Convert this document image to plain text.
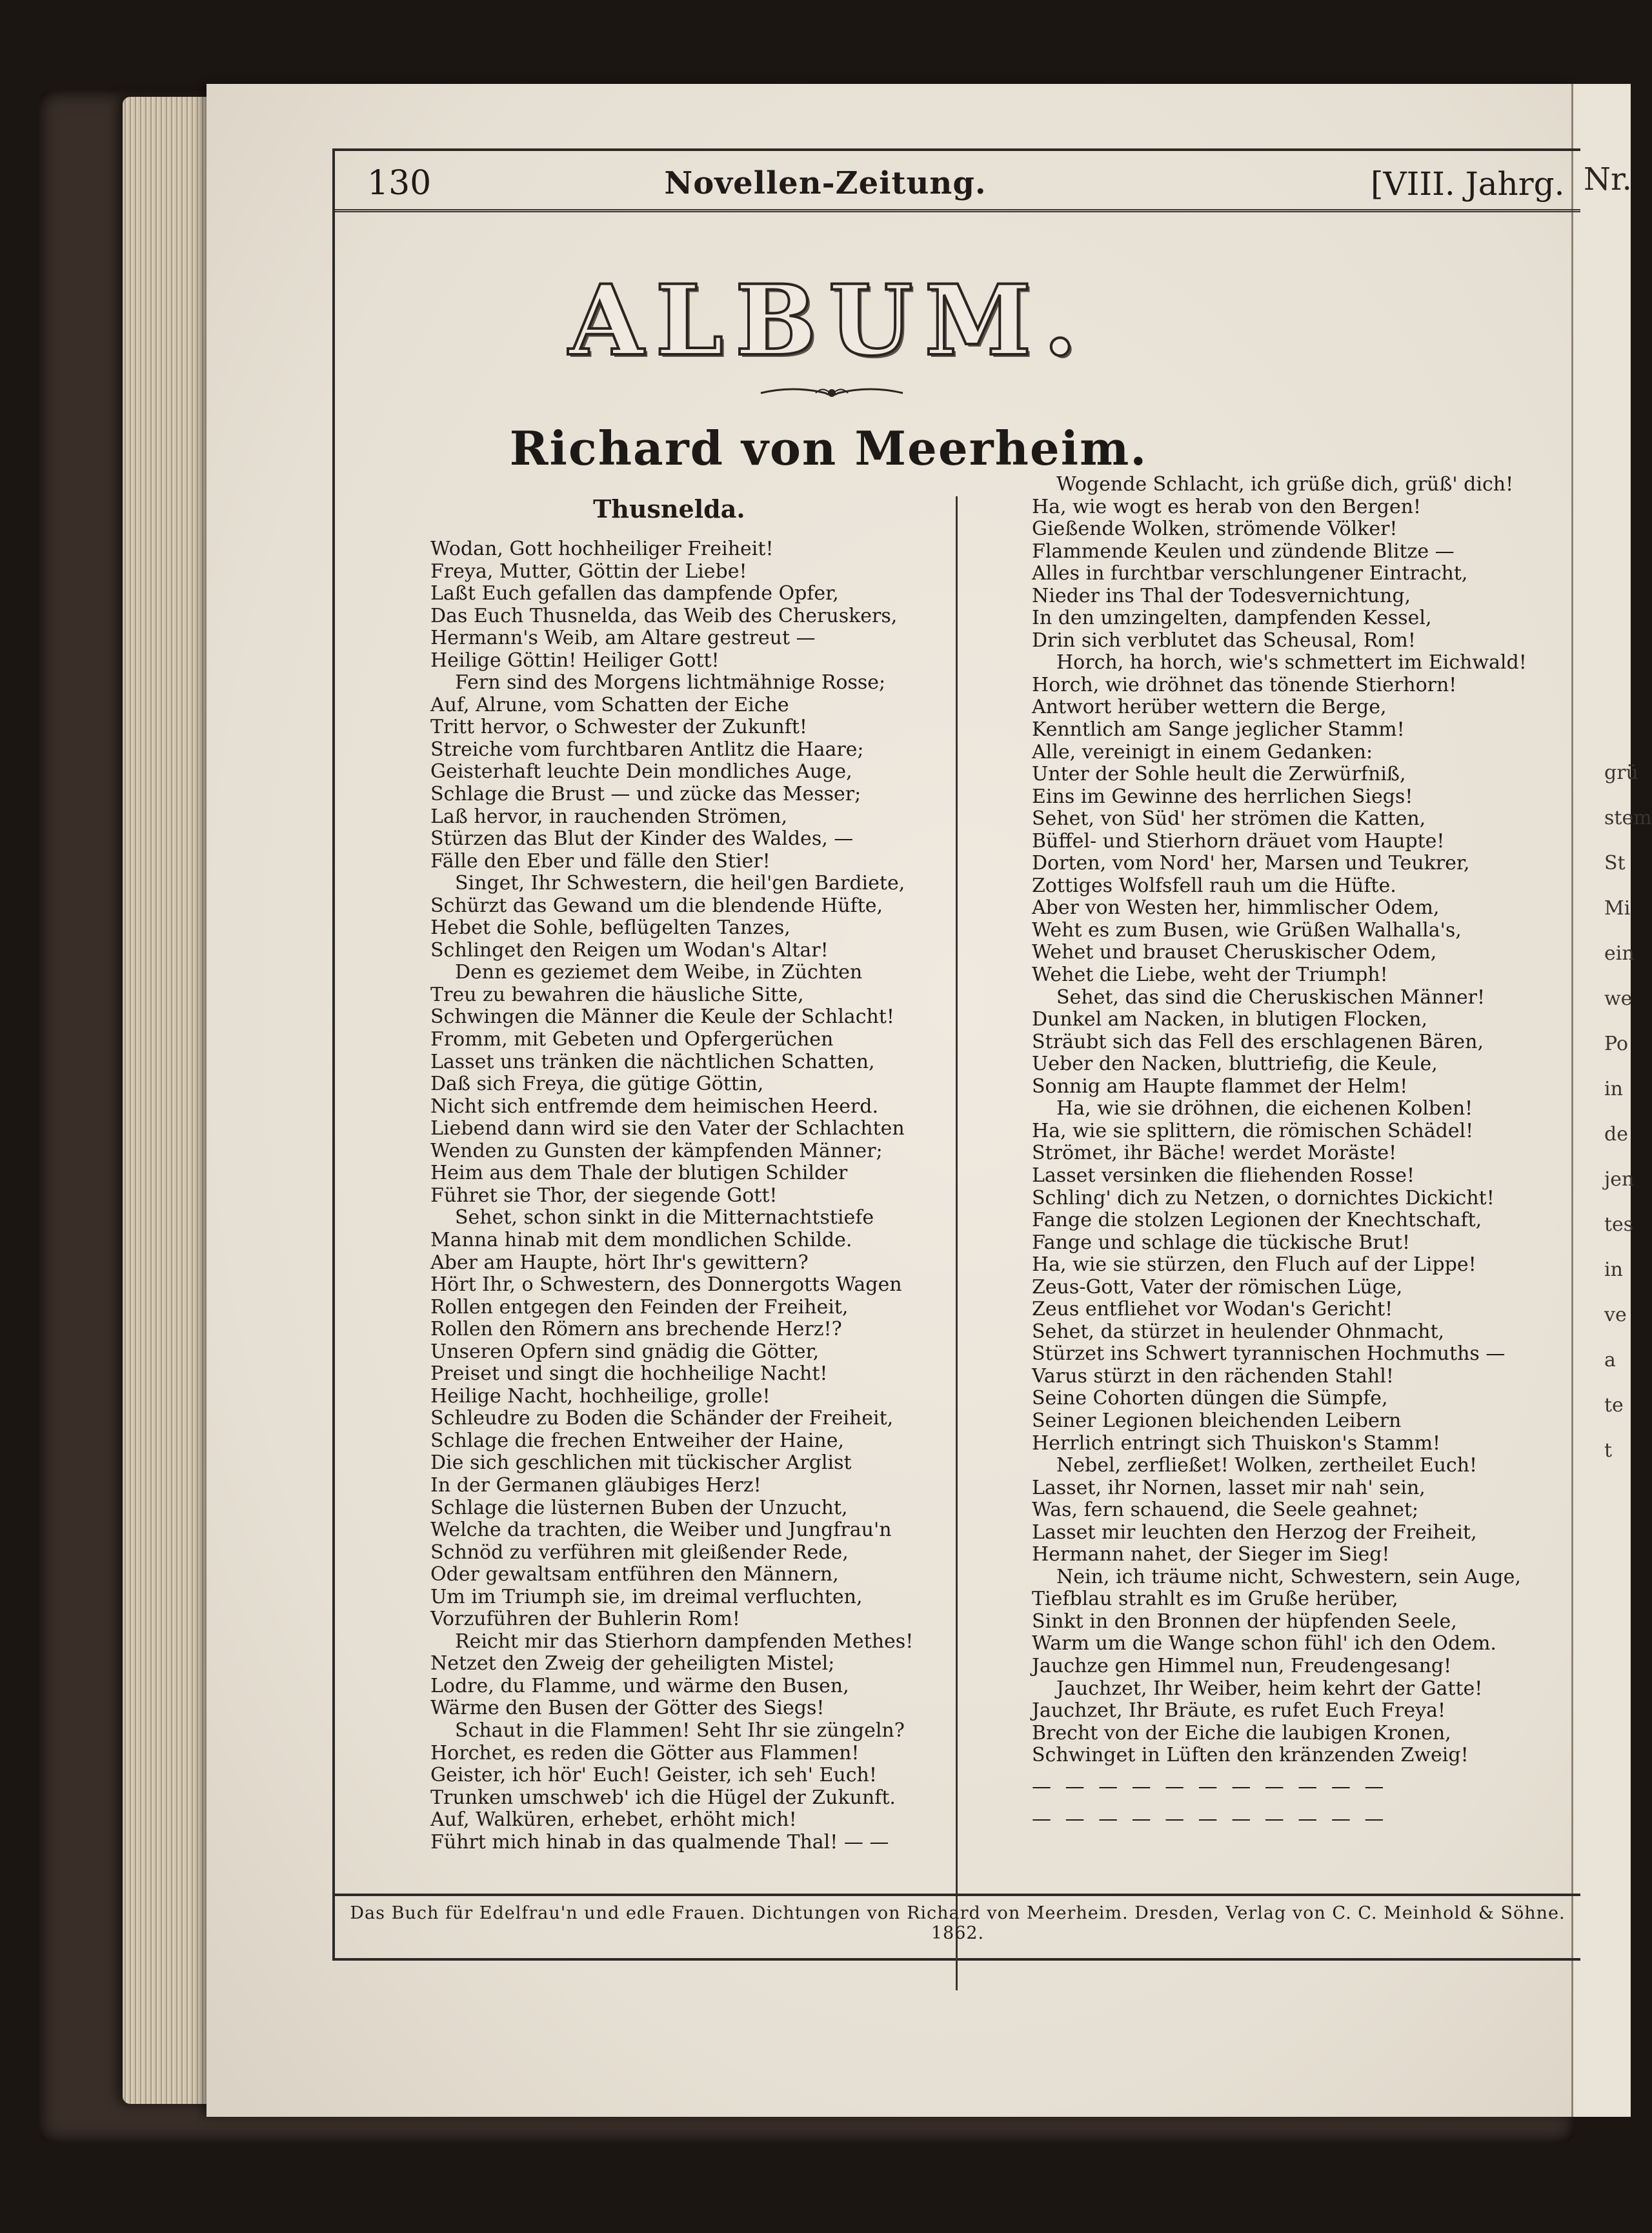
Nr.
grü
stem
St
Mi
ein
we
Po
in
de
jen
tes
in
ve
a
te
t
130	Novellen-Zeitung.	[VIII. Jahrg.
ALBUM.
Richard von Meerheim.
Thusnelda.
Wodan, Gott hochheiliger Freiheit!
Freya, Mutter, Göttin der Liebe!
Laßt Euch gefallen das dampfende Opfer,
Das Euch Thusnelda, das Weib des Cheruskers,
Hermann's Weib, am Altare gestreut —
Heilige Göttin! Heiliger Gott!
Fern sind des Morgens lichtmähnige Rosse;
Auf, Alrune, vom Schatten der Eiche
Tritt hervor, o Schwester der Zukunft!
Streiche vom furchtbaren Antlitz die Haare;
Geisterhaft leuchte Dein mondliches Auge,
Schlage die Brust — und zücke das Messer;
Laß hervor, in rauchenden Strömen,
Stürzen das Blut der Kinder des Waldes, —
Fälle den Eber und fälle den Stier!
Singet, Ihr Schwestern, die heil'gen Bardiete,
Schürzt das Gewand um die blendende Hüfte,
Hebet die Sohle, beflügelten Tanzes,
Schlinget den Reigen um Wodan's Altar!
Denn es geziemet dem Weibe, in Züchten
Treu zu bewahren die häusliche Sitte,
Schwingen die Männer die Keule der Schlacht!
Fromm, mit Gebeten und Opfergerüchen
Lasset uns tränken die nächtlichen Schatten,
Daß sich Freya, die gütige Göttin,
Nicht sich entfremde dem heimischen Heerd.
Liebend dann wird sie den Vater der Schlachten
Wenden zu Gunsten der kämpfenden Männer;
Heim aus dem Thale der blutigen Schilder
Führet sie Thor, der siegende Gott!
Sehet, schon sinkt in die Mitternachtstiefe
Manna hinab mit dem mondlichen Schilde.
Aber am Haupte, hört Ihr's gewittern?
Hört Ihr, o Schwestern, des Donnergotts Wagen
Rollen entgegen den Feinden der Freiheit,
Rollen den Römern ans brechende Herz!?
Unseren Opfern sind gnädig die Götter,
Preiset und singt die hochheilige Nacht!
Heilige Nacht, hochheilige, grolle!
Schleudre zu Boden die Schänder der Freiheit,
Schlage die frechen Entweiher der Haine,
Die sich geschlichen mit tückischer Arglist
In der Germanen gläubiges Herz!
Schlage die lüsternen Buben der Unzucht,
Welche da trachten, die Weiber und Jungfrau'n
Schnöd zu verführen mit gleißender Rede,
Oder gewaltsam entführen den Männern,
Um im Triumph sie, im dreimal verfluchten,
Vorzuführen der Buhlerin Rom!
Reicht mir das Stierhorn dampfenden Methes!
Netzet den Zweig der geheiligten Mistel;
Lodre, du Flamme, und wärme den Busen,
Wärme den Busen der Götter des Siegs!
Schaut in die Flammen! Seht Ihr sie züngeln?
Horchet, es reden die Götter aus Flammen!
Geister, ich hör' Euch! Geister, ich seh' Euch!
Trunken umschweb' ich die Hügel der Zukunft.
Auf, Walküren, erhebet, erhöht mich!
Führt mich hinab in das qualmende Thal! — —
Wogende Schlacht, ich grüße dich, grüß' dich!
Ha, wie wogt es herab von den Bergen!
Gießende Wolken, strömende Völker!
Flammende Keulen und zündende Blitze —
Alles in furchtbar verschlungener Eintracht,
Nieder ins Thal der Todesvernichtung,
In den umzingelten, dampfenden Kessel,
Drin sich verblutet das Scheusal, Rom!
Horch, ha horch, wie's schmettert im Eichwald!
Horch, wie dröhnet das tönende Stierhorn!
Antwort herüber wettern die Berge,
Kenntlich am Sange jeglicher Stamm!
Alle, vereinigt in einem Gedanken:
Unter der Sohle heult die Zerwürfniß,
Eins im Gewinne des herrlichen Siegs!
Sehet, von Süd' her strömen die Katten,
Büffel- und Stierhorn dräuet vom Haupte!
Dorten, vom Nord' her, Marsen und Teukrer,
Zottiges Wolfsfell rauh um die Hüfte.
Aber von Westen her, himmlischer Odem,
Weht es zum Busen, wie Grüßen Walhalla's,
Wehet und brauset Cheruskischer Odem,
Wehet die Liebe, weht der Triumph!
Sehet, das sind die Cheruskischen Männer!
Dunkel am Nacken, in blutigen Flocken,
Sträubt sich das Fell des erschlagenen Bären,
Ueber den Nacken, bluttriefig, die Keule,
Sonnig am Haupte flammet der Helm!
Ha, wie sie dröhnen, die eichenen Kolben!
Ha, wie sie splittern, die römischen Schädel!
Strömet, ihr Bäche! werdet Moräste!
Lasset versinken die fliehenden Rosse!
Schling' dich zu Netzen, o dornichtes Dickicht!
Fange die stolzen Legionen der Knechtschaft,
Fange und schlage die tückische Brut!
Ha, wie sie stürzen, den Fluch auf der Lippe!
Zeus-Gott, Vater der römischen Lüge,
Zeus entfliehet vor Wodan's Gericht!
Sehet, da stürzet in heulender Ohnmacht,
Stürzet ins Schwert tyrannischen Hochmuths —
Varus stürzt in den rächenden Stahl!
Seine Cohorten düngen die Sümpfe,
Seiner Legionen bleichenden Leibern
Herrlich entringt sich Thuiskon's Stamm!
Nebel, zerfließet! Wolken, zertheilet Euch!
Lasset, ihr Nornen, lasset mir nah' sein,
Was, fern schauend, die Seele geahnet;
Lasset mir leuchten den Herzog der Freiheit,
Hermann nahet, der Sieger im Sieg!
Nein, ich träume nicht, Schwestern, sein Auge,
Tiefblau strahlt es im Gruße herüber,
Sinkt in den Bronnen der hüpfenden Seele,
Warm um die Wange schon fühl' ich den Odem.
Jauchze gen Himmel nun, Freudengesang!
Jauchzet, Ihr Weiber, heim kehrt der Gatte!
Jauchzet, Ihr Bräute, es rufet Euch Freya!
Brecht von der Eiche die laubigen Kronen,
Schwinget in Lüften den kränzenden Zweig!
— — — — — — — — — — —
— — — — — — — — — — —
Das Buch für Edelfrau'n und edle Frauen. Dichtungen von Richard von Meerheim. Dresden, Verlag von C. C. Meinhold & Söhne. 1862.
